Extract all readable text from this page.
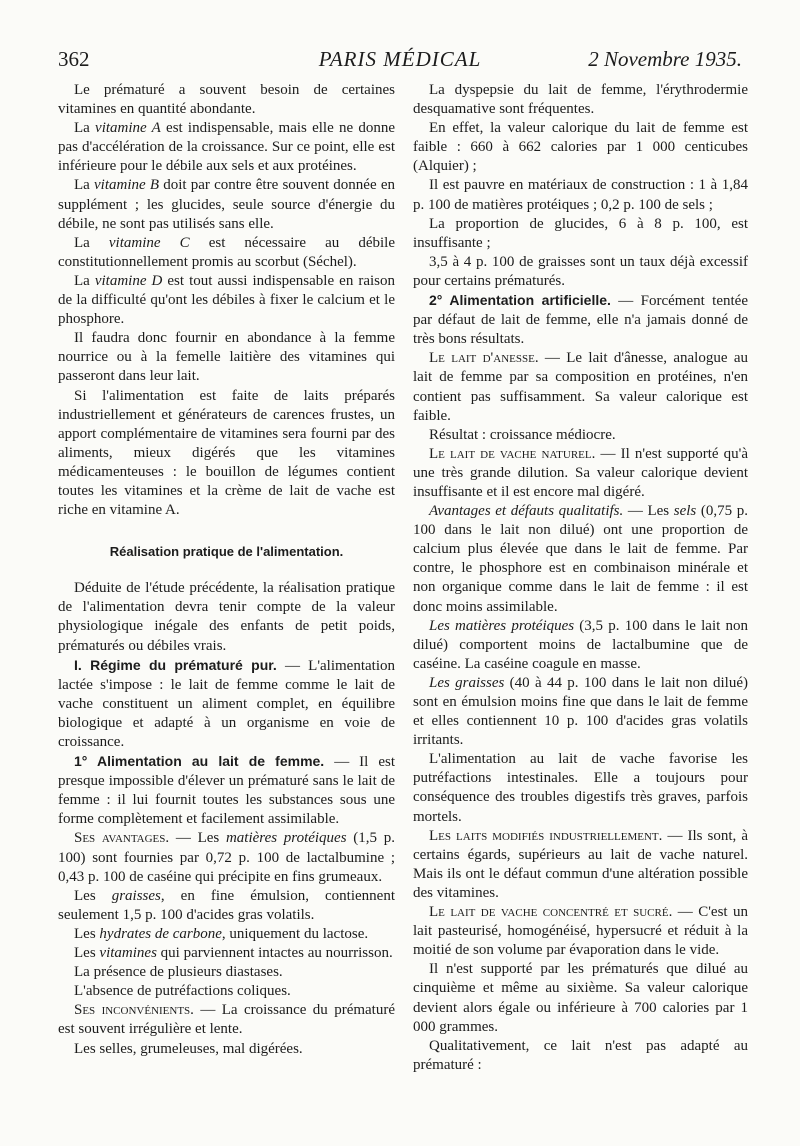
362	PARIS MÉDICAL	2 Novembre 1935.

Le prématuré a souvent besoin de certaines vitamines en quantité abondante.

La vitamine A est indispensable, mais elle ne donne pas d'accélération de la croissance. Sur ce point, elle est inférieure pour le débile aux sels et aux protéines.

La vitamine B doit par contre être souvent donnée en supplément ; les glucides, seule source d'énergie du débile, ne sont pas utilisés sans elle.

La vitamine C est nécessaire au débile constitutionnellement promis au scorbut (Séchel).

La vitamine D est tout aussi indispensable en raison de la difficulté qu'ont les débiles à fixer le calcium et le phosphore.

Il faudra donc fournir en abondance à la femme nourrice ou à la femelle laitière des vitamines qui passeront dans leur lait.

Si l'alimentation est faite de laits préparés industriellement et générateurs de carences frustes, un apport complémentaire de vitamines sera fourni par des aliments, mieux digérés que les vitamines médicamenteuses : le bouillon de légumes contient toutes les vitamines et la crème de lait de vache est riche en vitamine A.

Réalisation pratique de l'alimentation.

Déduite de l'étude précédente, la réalisation pratique de l'alimentation devra tenir compte de la valeur physiologique inégale des enfants de petit poids, prématurés ou débiles vrais.

I. Régime du prématuré pur. — L'alimentation lactée s'impose : le lait de femme comme le lait de vache constituent un aliment complet, en équilibre biologique et adapté à un organisme en voie de croissance.

1° Alimentation au lait de femme. — Il est presque impossible d'élever un prématuré sans le lait de femme : il lui fournit toutes les substances sous une forme complètement et facilement assimilable.

Ses avantages. — Les matières protéiques (1,5 p. 100) sont fournies par 0,72 p. 100 de lactalbumine ; 0,43 p. 100 de caséine qui précipite en fins grumeaux.

Les graisses, en fine émulsion, contiennent seulement 1,5 p. 100 d'acides gras volatils.

Les hydrates de carbone, uniquement du lactose.

Les vitamines qui parviennent intactes au nourrisson.

La présence de plusieurs diastases.

L'absence de putréfactions coliques.

Ses inconvénients. — La croissance du prématuré est souvent irrégulière et lente.

Les selles, grumeleuses, mal digérées.

La dyspepsie du lait de femme, l'érythrodermie desquamative sont fréquentes.

En effet, la valeur calorique du lait de femme est faible : 660 à 662 calories par 1 000 centicubes (Alquier) ;

Il est pauvre en matériaux de construction : 1 à 1,84 p. 100 de matières protéiques ; 0,2 p. 100 de sels ;

La proportion de glucides, 6 à 8 p. 100, est insuffisante ;

3,5 à 4 p. 100 de graisses sont un taux déjà excessif pour certains prématurés.

2° Alimentation artificielle. — Forcément tentée par défaut de lait de femme, elle n'a jamais donné de très bons résultats.

Le lait d'anesse. — Le lait d'ânesse, analogue au lait de femme par sa composition en protéines, n'en contient pas suffisamment. Sa valeur calorique est faible.

Résultat : croissance médiocre.

Le lait de vache naturel. — Il n'est supporté qu'à une très grande dilution. Sa valeur calorique devient insuffisante et il est encore mal digéré.

Avantages et défauts qualitatifs. — Les sels (0,75 p. 100 dans le lait non dilué) ont une proportion de calcium plus élevée que dans le lait de femme. Par contre, le phosphore est en combinaison minérale et non organique comme dans le lait de femme : il est donc moins assimilable.

Les matières protéiques (3,5 p. 100 dans le lait non dilué) comportent moins de lactalbumine que de caséine. La caséine coagule en masse.

Les graisses (40 à 44 p. 100 dans le lait non dilué) sont en émulsion moins fine que dans le lait de femme et elles contiennent 10 p. 100 d'acides gras volatils irritants.

L'alimentation au lait de vache favorise les putréfactions intestinales. Elle a toujours pour conséquence des troubles digestifs très graves, parfois mortels.

Les laits modifiés industriellement. — Ils sont, à certains égards, supérieurs au lait de vache naturel. Mais ils ont le défaut commun d'une altération possible des vitamines.

Le lait de vache concentré et sucré. — C'est un lait pasteurisé, homogénéisé, hypersucré et réduit à la moitié de son volume par évaporation dans le vide.

Il n'est supporté par les prématurés que dilué au cinquième et même au sixième. Sa valeur calorique devient alors égale ou inférieure à 700 calories par 1 000 grammes.

Qualitativement, ce lait n'est pas adapté au prématuré :
